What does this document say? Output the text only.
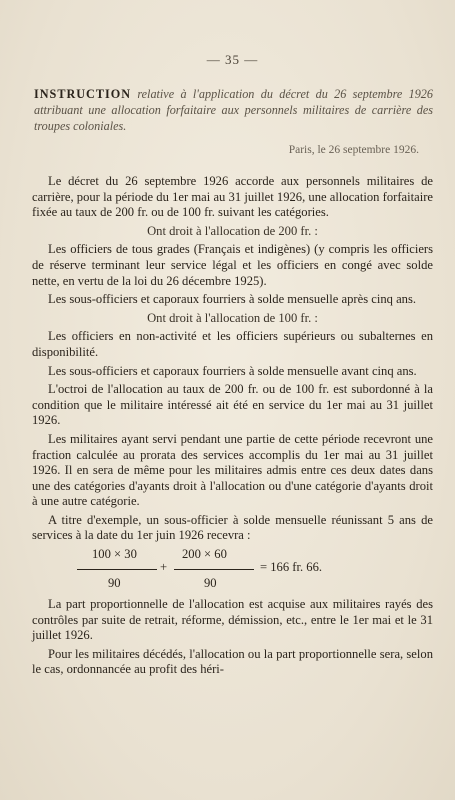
— 35 —
INSTRUCTION relative à l'application du décret du 26 septembre 1926 attribuant une allocation forfaitaire aux personnels militaires de carrière des troupes coloniales.
Paris, le 26 septembre 1926.

Le décret du 26 septembre 1926 accorde aux personnels militaires de carrière, pour la période du 1er mai au 31 juillet 1926, une allocation forfaitaire fixée au taux de 200 fr. ou de 100 fr. suivant les catégories.

Ont droit à l'allocation de 200 fr. :

Les officiers de tous grades (Français et indigènes) (y compris les officiers de réserve terminant leur service légal et les officiers en congé avec solde nette, en vertu de la loi du 26 décembre 1925).

Les sous-officiers et caporaux fourriers à solde mensuelle après cinq ans.

Ont droit à l'allocation de 100 fr. :

Les officiers en non-activité et les officiers supérieurs ou subalternes en disponibilité.

Les sous-officiers et caporaux fourriers à solde mensuelle avant cinq ans.

L'octroi de l'allocation au taux de 200 fr. ou de 100 fr. est subordonné à la condition que le militaire intéressé ait été en service du 1er mai au 31 juillet 1926.

Les militaires ayant servi pendant une partie de cette période recevront une fraction calculée au prorata des services accomplis du 1er mai au 31 juillet 1926. Il en sera de même pour les militaires admis entre ces deux dates dans une des catégories d'ayants droit à l'allocation ou d'une catégorie d'ayants droit à une autre catégorie.

A titre d'exemple, un sous-officier à solde mensuelle réunissant 5 ans de services à la date du 1er juin 1926 recevra :

100 × 30	200 × 60
+	= 166 fr. 66.
90	90

La part proportionnelle de l'allocation est acquise aux militaires rayés des contrôles par suite de retrait, réforme, démission, etc., entre le 1er mai et le 31 juillet 1926.

Pour les militaires décédés, l'allocation ou la part proportionnelle sera, selon le cas, ordonnancée au profit des héri-
